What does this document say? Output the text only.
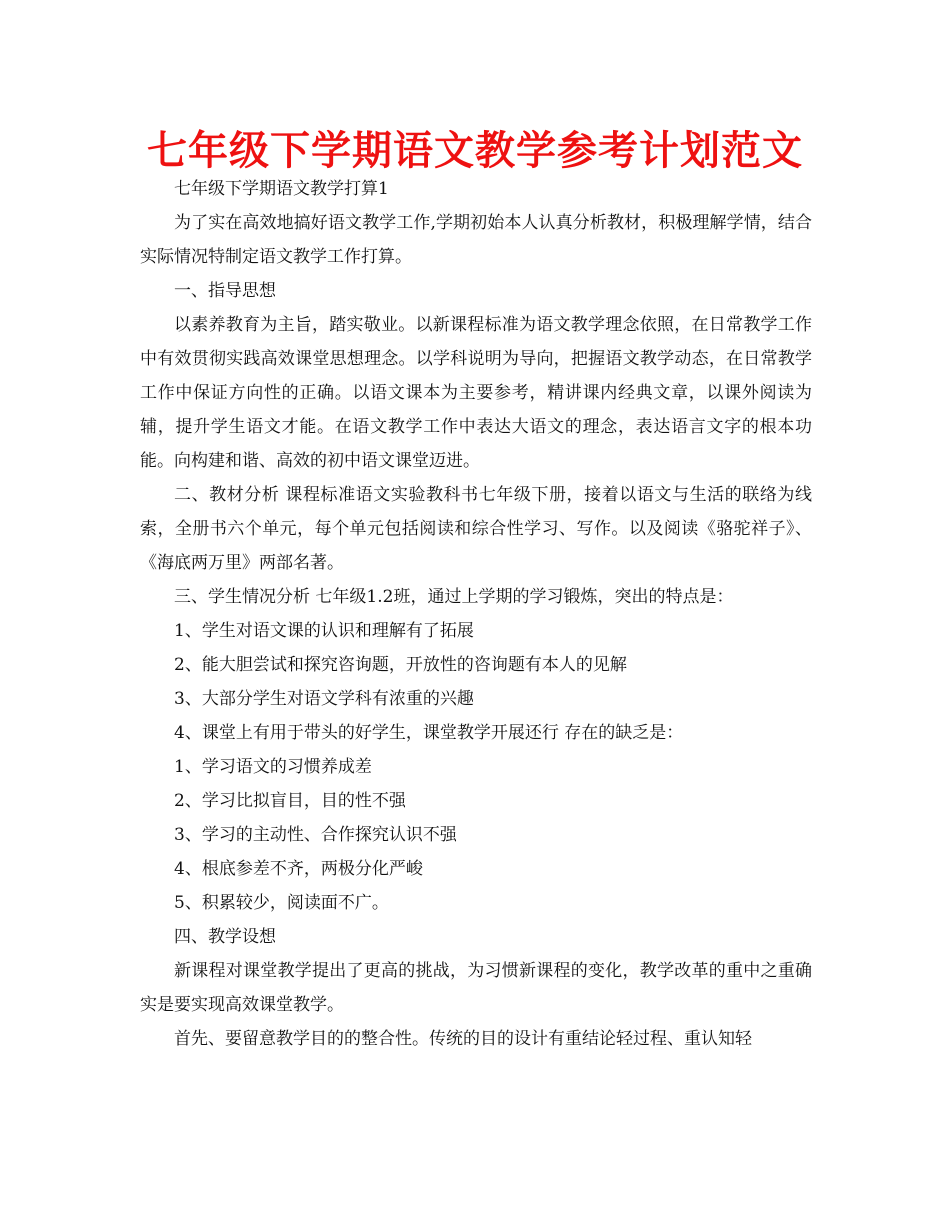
七年级下学期语文教学参考计划范文

七年级下学期语文教学打算1

为了实在高效地搞好语文教学工作,学期初始本人认真分析教材，积极理解学情，结合实际情况特制定语文教学工作打算。

一、指导思想

以素养教育为主旨，踏实敬业。以新课程标准为语文教学理念依照，在日常教学工作中有效贯彻实践高效课堂思想理念。以学科说明为导向，把握语文教学动态，在日常教学工作中保证方向性的正确。以语文课本为主要参考，精讲课内经典文章，以课外阅读为辅，提升学生语文才能。在语文教学工作中表达大语文的理念，表达语言文字的根本功能。向构建和谐、高效的初中语文课堂迈进。

二、教材分析 课程标准语文实验教科书七年级下册，接着以语文与生活的联络为线索，全册书六个单元，每个单元包括阅读和综合性学习、写作。以及阅读《骆驼祥子》、《海底两万里》两部名著。

三、学生情况分析 七年级1.2班，通过上学期的学习锻炼，突出的特点是：

1、学生对语文课的认识和理解有了拓展

2、能大胆尝试和探究咨询题，开放性的咨询题有本人的见解

3、大部分学生对语文学科有浓重的兴趣

4、课堂上有用于带头的好学生，课堂教学开展还行 存在的缺乏是：

1、学习语文的习惯养成差

2、学习比拟盲目，目的性不强

3、学习的主动性、合作探究认识不强

4、根底参差不齐，两极分化严峻

5、积累较少，阅读面不广。

四、教学设想

新课程对课堂教学提出了更高的挑战，为习惯新课程的变化，教学改革的重中之重确实是要实现高效课堂教学。

首先、要留意教学目的的整合性。传统的目的设计有重结论轻过程、重认知轻
